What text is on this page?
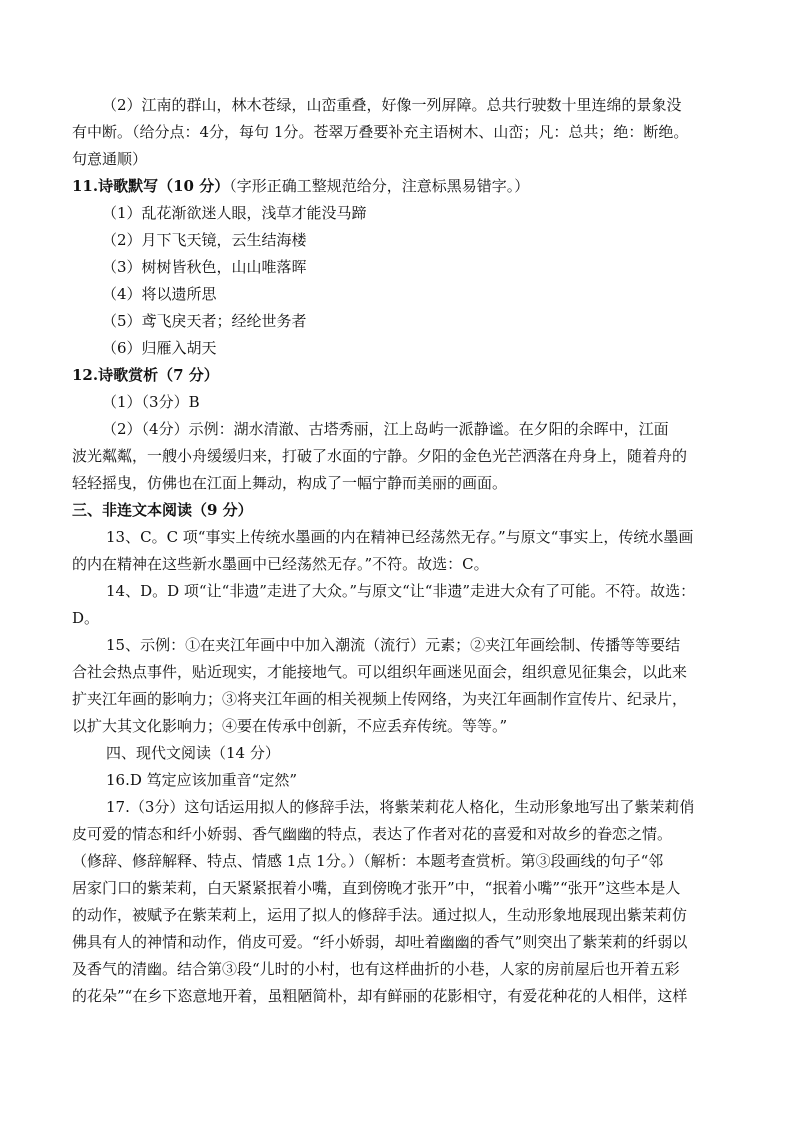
（2）江南的群山，林木苍绿，山峦重叠，好像一列屏障。总共行驶数十里连绵的景象没
有中断。（给分点：4分，每句 1分。苍翠万叠要补充主语树木、山峦；凡：总共；绝：断绝。
句意通顺）
11.诗歌默写（10 分）（字形正确工整规范给分，注意标黑易错字。）
（1）乱花渐欲迷人眼，浅草才能没马蹄
（2）月下飞天镜，云生结海楼
（3）树树皆秋色，山山唯落晖
（4）将以遗所思
（5）鸢飞戾天者；经纶世务者
（6）归雁入胡天
12.诗歌赏析（7 分）
（1）（3分）B
（2）（4分）示例：湖水清澈、古塔秀丽，江上岛屿一派静谧。在夕阳的余晖中，江面
波光粼粼，一艘小舟缓缓归来，打破了水面的宁静。夕阳的金色光芒洒落在舟身上，随着舟的
轻轻摇曳，仿佛也在江面上舞动，构成了一幅宁静而美丽的画面。
三、非连文本阅读（9 分）
13、C。C 项“事实上传统水墨画的内在精神已经荡然无存。”与原文“事实上，传统水墨画
的内在精神在这些新水墨画中已经荡然无存。”不符。故选：C。
14、D。D 项“让“非遗”走进了大众。”与原文“让“非遗”走进大众有了可能。不符。故选：
D。
15、示例：①在夹江年画中中加入潮流（流行）元素；②夹江年画绘制、传播等等要结
合社会热点事件，贴近现实，才能接地气。可以组织年画迷见面会，组织意见征集会，以此来
扩夹江年画的影响力；③将夹江年画的相关视频上传网络，为夹江年画制作宣传片、纪录片，
以扩大其文化影响力；④要在传承中创新，不应丢弃传统。等等。”
四、现代文阅读（14 分）
16.D 笃定应该加重音“定然”
17.（3分）这句话运用拟人的修辞手法，将紫茉莉花人格化，生动形象地写出了紫茉莉俏
皮可爱的情态和纤小娇弱、香气幽幽的特点，表达了作者对花的喜爱和对故乡的眷恋之情。
（修辞、修辞解释、特点、情感 1点 1分。）（解析：本题考查赏析。第③段画线的句子“邻
居家门口的紫茉莉，白天紧紧抿着小嘴，直到傍晚才张开”中，“抿着小嘴”“张开”这些本是人
的动作，被赋予在紫茉莉上，运用了拟人的修辞手法。通过拟人，生动形象地展现出紫茉莉仿
佛具有人的神情和动作，俏皮可爱。“纤小娇弱，却吐着幽幽的香气”则突出了紫茉莉的纤弱以
及香气的清幽。结合第③段“儿时的小村，也有这样曲折的小巷，人家的房前屋后也开着五彩
的花朵”“在乡下恣意地开着，虽粗陋简朴，却有鲜丽的花影相守，有爱花种花的人相伴，这样
